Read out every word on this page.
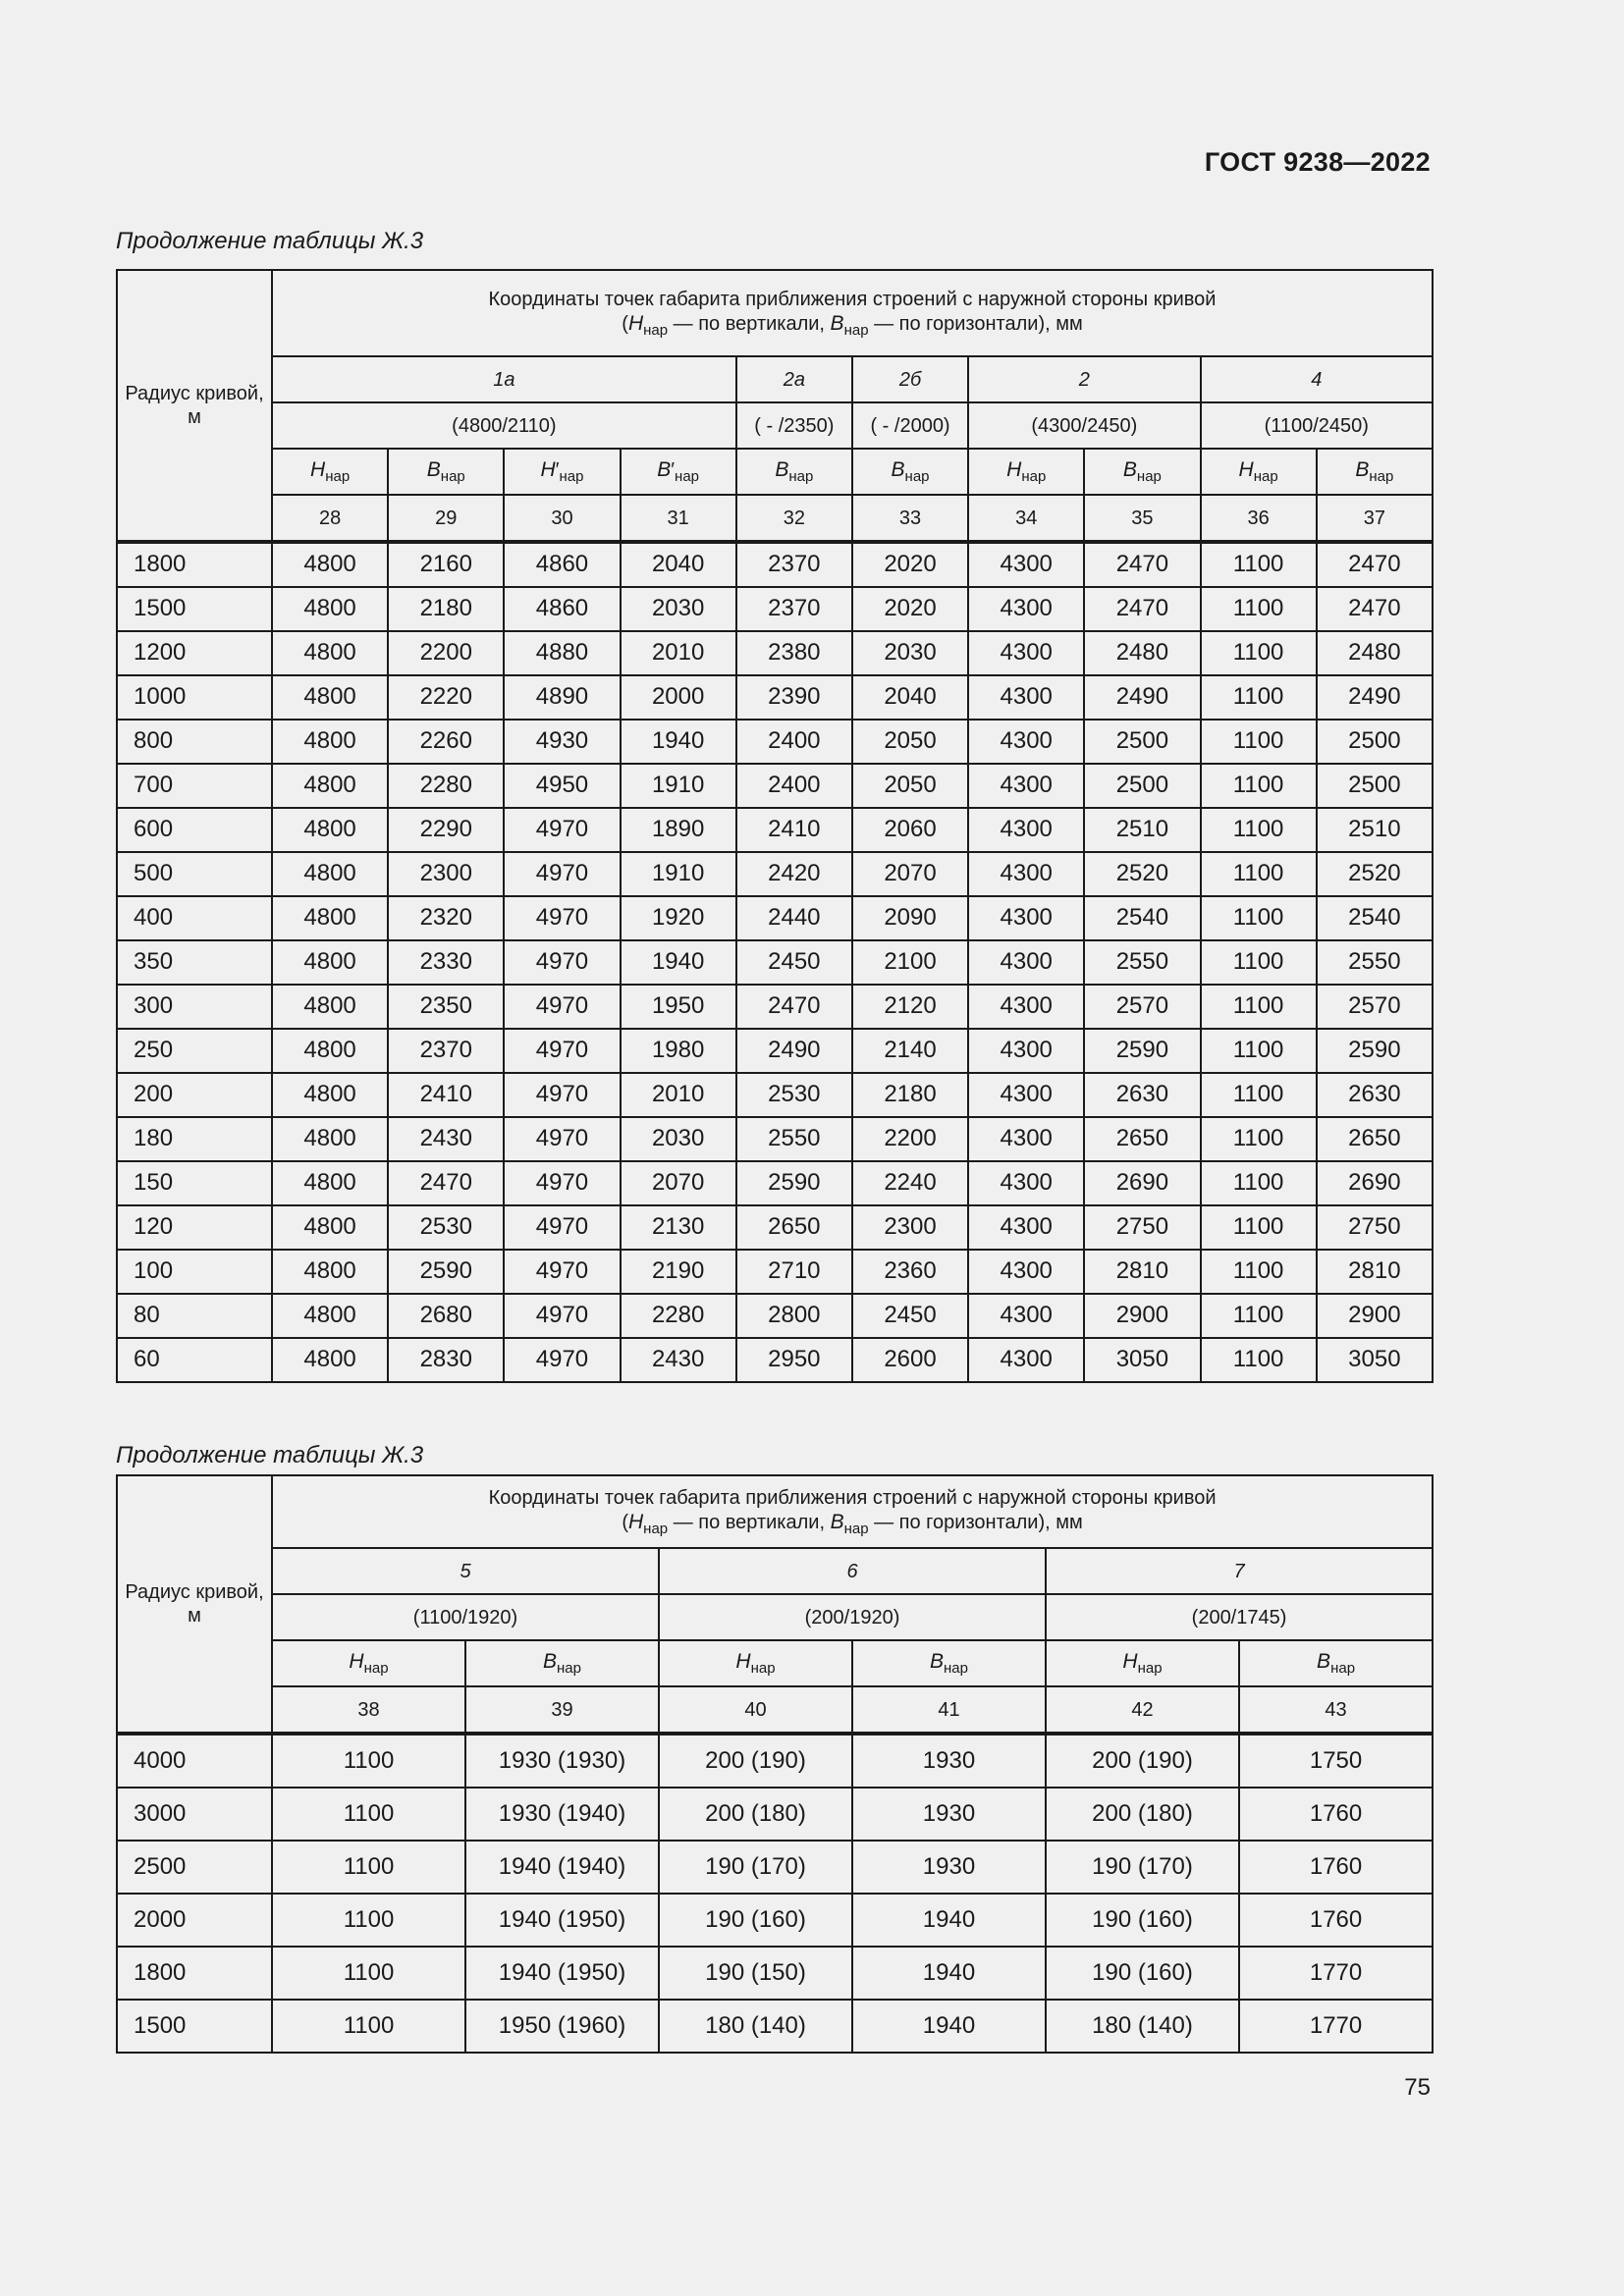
ГОСТ 9238—2022
Продолжение таблицы Ж.3
Радиус кривой, м	Координаты точек габарита приближения строений с наружной стороны кривой
($H_{нар}$ — по вертикали, $B_{нар}$ — по горизонтали), мм									
	1а				2а	2б	2		4	
	(4800/2110)				( - /2350)	( - /2000)	(4300/2450)		(1100/2450)	
	$H_{нар}$	$B_{нар}$	$H'_{нар}$	$B'_{нар}$	$B_{нар}$	$B_{нар}$	$H_{нар}$	$B_{нар}$	$H_{нар}$	$B_{нар}$
	28	29	30	31	32	33	34	35	36	37
1800	4800	2160	4860	2040	2370	2020	4300	2470	1100	2470
1500	4800	2180	4860	2030	2370	2020	4300	2470	1100	2470
1200	4800	2200	4880	2010	2380	2030	4300	2480	1100	2480
1000	4800	2220	4890	2000	2390	2040	4300	2490	1100	2490
800	4800	2260	4930	1940	2400	2050	4300	2500	1100	2500
700	4800	2280	4950	1910	2400	2050	4300	2500	1100	2500
600	4800	2290	4970	1890	2410	2060	4300	2510	1100	2510
500	4800	2300	4970	1910	2420	2070	4300	2520	1100	2520
400	4800	2320	4970	1920	2440	2090	4300	2540	1100	2540
350	4800	2330	4970	1940	2450	2100	4300	2550	1100	2550
300	4800	2350	4970	1950	2470	2120	4300	2570	1100	2570
250	4800	2370	4970	1980	2490	2140	4300	2590	1100	2590
200	4800	2410	4970	2010	2530	2180	4300	2630	1100	2630
180	4800	2430	4970	2030	2550	2200	4300	2650	1100	2650
150	4800	2470	4970	2070	2590	2240	4300	2690	1100	2690
120	4800	2530	4970	2130	2650	2300	4300	2750	1100	2750
100	4800	2590	4970	2190	2710	2360	4300	2810	1100	2810
80	4800	2680	4970	2280	2800	2450	4300	2900	1100	2900
60	4800	2830	4970	2430	2950	2600	4300	3050	1100	3050
Продолжение таблицы Ж.3
Радиус кривой, м	Координаты точек габарита приближения строений с наружной стороны кривой
($H_{нар}$ — по вертикали, $B_{нар}$ — по горизонтали), мм					
	5		6		7	
	(1100/1920)		(200/1920)		(200/1745)	
	$H_{нар}$	$B_{нар}$	$H_{нар}$	$B_{нар}$	$H_{нар}$	$B_{нар}$
	38	39	40	41	42	43
4000	1100	1930 (1930)	200 (190)	1930	200 (190)	1750
3000	1100	1930 (1940)	200 (180)	1930	200 (180)	1760
2500	1100	1940 (1940)	190 (170)	1930	190 (170)	1760
2000	1100	1940 (1950)	190 (160)	1940	190 (160)	1760
1800	1100	1940 (1950)	190 (150)	1940	190 (160)	1770
1500	1100	1950 (1960)	180 (140)	1940	180 (140)	1770
75
